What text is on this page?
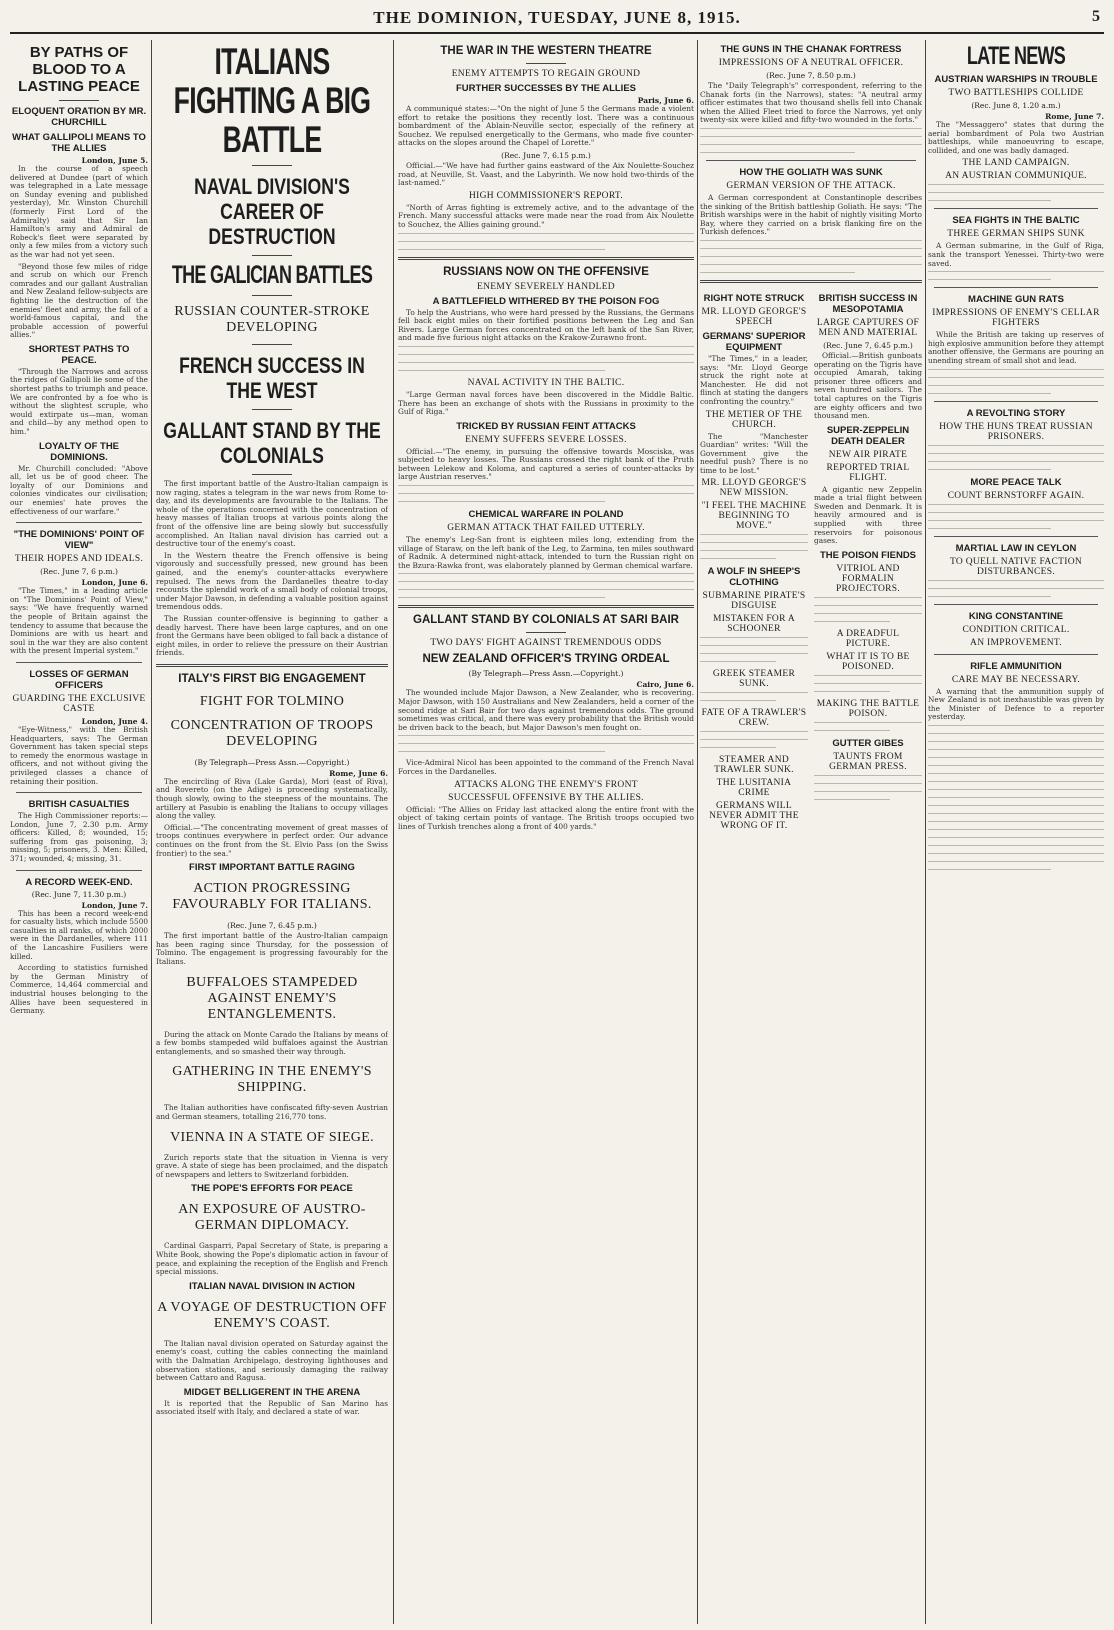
THE DOMINION, TUESDAY, JUNE 8, 1915.	5
BY PATHS OF BLOOD TO A LASTING PEACE
ELOQUENT ORATION BY MR. CHURCHILL
WHAT GALLIPOLI MEANS TO THE ALLIES
London, June 5.

In the course of a speech delivered at Dundee (part of which was telegraphed in a Late message on Sunday evening and published yesterday), Mr. Winston Churchill (formerly First Lord of the Admiralty) said that Sir Ian Hamilton's army and Admiral de Robeck's fleet were separated by only a few miles from a victory such as the war had not yet seen.

"Beyond those few miles of ridge and scrub on which our French comrades and our gallant Australian and New Zealand fellow-subjects are fighting lie the destruction of the enemies' fleet and army, the fall of a world-famous capital, and the probable accession of powerful allies."

SHORTEST PATHS TO PEACE.

"Through the Narrows and across the ridges of Gallipoli lie some of the shortest paths to triumph and peace. We are confronted by a foe who is without the slightest scruple, who would extirpate us—man, woman and child—by any method open to him."

LOYALTY OF THE DOMINIONS.

Mr. Churchill concluded: "Above all, let us be of good cheer. The loyalty of our Dominions and colonies vindicates our civilisation; our enemies' hate proves the effectiveness of our warfare."

"THE DOMINIONS' POINT OF VIEW"
THEIR HOPES AND IDEALS.
(Rec. June 7, 6 p.m.)
London, June 6.

"The Times," in a leading article on "The Dominions' Point of View," says: "We have frequently warned the people of Britain against the tendency to assume that because the Dominions are with us heart and soul in the war they are also content with the present Imperial system."

LOSSES OF GERMAN OFFICERS
GUARDING THE EXCLUSIVE CASTE
London, June 4.

"Eye-Witness," with the British Headquarters, says: The German Government has taken special steps to remedy the enormous wastage in officers, and not without giving the privileged classes a chance of retaining their position.

BRITISH CASUALTIES

The High Commissioner reports:—London, June 7, 2.30 p.m. Army officers: Killed, 8; wounded, 15; suffering from gas poisoning, 3; missing, 5; prisoners, 3. Men: Killed, 371; wounded, 4; missing, 31.

A RECORD WEEK-END.
(Rec. June 7, 11.30 p.m.)
London, June 7.

This has been a record week-end for casualty lists, which include 5500 casualties in all ranks, of which 2000 were in the Dardanelles, where 111 of the Lancashire Fusiliers were killed.

According to statistics furnished by the German Ministry of Commerce, 14,464 commercial and industrial houses belonging to the Allies have been sequestered in Germany.

ITALIANS FIGHTING A BIG BATTLE
NAVAL DIVISION'S CAREER OF DESTRUCTION
THE GALICIAN BATTLES
RUSSIAN COUNTER-STROKE DEVELOPING
FRENCH SUCCESS IN THE WEST
GALLANT STAND BY THE COLONIALS

The first important battle of the Austro-Italian campaign is now raging, states a telegram in the war news from Rome to-day, and its developments are favourable to the Italians. The whole of the operations concerned with the concentration of heavy masses of Italian troops at various points along the front of the offensive line are being slowly but successfully accomplished. An Italian naval division has carried out a destructive tour of the enemy's coast.

In the Western theatre the French offensive is being vigorously and successfully pressed, new ground has been gained, and the enemy's counter-attacks everywhere repulsed. The news from the Dardanelles theatre to-day recounts the splendid work of a small body of colonial troops, under Major Dawson, in defending a valuable position against tremendous odds.

The Russian counter-offensive is beginning to gather a deadly harvest. There have been large captures, and on one front the Germans have been obliged to fall back a distance of eight miles, in order to relieve the pressure on their Austrian friends.

ITALY'S FIRST BIG ENGAGEMENT
FIGHT FOR TOLMINO
CONCENTRATION OF TROOPS DEVELOPING
(By Telegraph—Press Assn.—Copyright.)
Rome, June 6.

The encircling of Riva (Lake Garda), Mori (east of Riva), and Rovereto (on the Adige) is proceeding systematically, though slowly, owing to the steepness of the mountains. The artillery at Pasubio is enabling the Italians to occupy villages along the valley.

Official.—"The concentrating movement of great masses of troops continues everywhere in perfect order. Our advance continues on the front from the St. Elvio Pass (on the Swiss frontier) to the sea."

FIRST IMPORTANT BATTLE RAGING
ACTION PROGRESSING FAVOURABLY FOR ITALIANS.
(Rec. June 7, 6.45 p.m.)

The first important battle of the Austro-Italian campaign has been raging since Thursday, for the possession of Tolmino. The engagement is progressing favourably for the Italians.

BUFFALOES STAMPEDED AGAINST ENEMY'S ENTANGLEMENTS.

During the attack on Monte Carado the Italians by means of a few bombs stampeded wild buffaloes against the Austrian entanglements, and so smashed their way through.

GATHERING IN THE ENEMY'S SHIPPING.

The Italian authorities have confiscated fifty-seven Austrian and German steamers, totalling 216,770 tons.

VIENNA IN A STATE OF SIEGE.

Zurich reports state that the situation in Vienna is very grave. A state of siege has been proclaimed, and the dispatch of newspapers and letters to Switzerland forbidden.

THE POPE'S EFFORTS FOR PEACE
AN EXPOSURE OF AUSTRO-GERMAN DIPLOMACY.

Cardinal Gasparri, Papal Secretary of State, is preparing a White Book, showing the Pope's diplomatic action in favour of peace, and explaining the reception of the English and French special missions.

ITALIAN NAVAL DIVISION IN ACTION
A VOYAGE OF DESTRUCTION OFF ENEMY'S COAST.

The Italian naval division operated on Saturday against the enemy's coast, cutting the cables connecting the mainland with the Dalmatian Archipelago, destroying lighthouses and observation stations, and seriously damaging the railway between Cattaro and Ragusa.

MIDGET BELLIGERENT IN THE ARENA

It is reported that the Republic of San Marino has associated itself with Italy, and declared a state of war.

THE WAR IN THE WESTERN THEATRE
ENEMY ATTEMPTS TO REGAIN GROUND
FURTHER SUCCESSES BY THE ALLIES
Paris, June 6.

A communiqué states:—"On the night of June 5 the Germans made a violent effort to retake the positions they recently lost. There was a continuous bombardment of the Ablain-Neuville sector, especially of the refinery at Souchez. We repulsed energetically to the Germans, who made five counter-attacks on the slopes around the Chapel of Lorette."

(Rec. June 7, 6.15 p.m.)

Official.—"We have had further gains eastward of the Aix Noulette-Souchez road, at Neuville, St. Vaast, and the Labyrinth. We now hold two-thirds of the last-named."

HIGH COMMISSIONER'S REPORT.

"North of Arras fighting is extremely active, and to the advantage of the French. Many successful attacks were made near the road from Aix Noulette to Souchez, the Allies gaining ground."

RUSSIANS NOW ON THE OFFENSIVE
ENEMY SEVERELY HANDLED
A BATTLEFIELD WITHERED BY THE POISON FOG

To help the Austrians, who were hard pressed by the Russians, the Germans fell back eight miles on their fortified positions between the Leg and San Rivers. Large German forces concentrated on the left bank of the San River, and made five furious night attacks on the Krakow-Zurawno front.

NAVAL ACTIVITY IN THE BALTIC.

"Large German naval forces have been discovered in the Middle Baltic. There has been an exchange of shots with the Russians in proximity to the Gulf of Riga."

TRICKED BY RUSSIAN FEINT ATTACKS
ENEMY SUFFERS SEVERE LOSSES.

Official.—"The enemy, in pursuing the offensive towards Mosciska, was subjected to heavy losses. The Russians crossed the right bank of the Pruth between Lelekow and Koloma, and captured a series of counter-attacks by large Austrian reserves."

CHEMICAL WARFARE IN POLAND
GERMAN ATTACK THAT FAILED UTTERLY.

The enemy's Leg-San front is eighteen miles long, extending from the village of Staraw, on the left bank of the Leg, to Zarmina, ten miles southward of Radnik. A determined night-attack, intended to turn the Russian right on the Bzura-Rawka front, was elaborately planned by German chemical warfare.

GALLANT STAND BY COLONIALS AT SARI BAIR
TWO DAYS' FIGHT AGAINST TREMENDOUS ODDS
NEW ZEALAND OFFICER'S TRYING ORDEAL
(By Telegraph—Press Assn.—Copyright.)
Cairo, June 6.

The wounded include Major Dawson, a New Zealander, who is recovering. Major Dawson, with 150 Australians and New Zealanders, held a corner of the second ridge at Sari Bair for two days against tremendous odds. The ground sometimes was critical, and there was every probability that the British would be driven back to the beach, but Major Dawson's men fought on.

Vice-Admiral Nicol has been appointed to the command of the French Naval Forces in the Dardanelles.

ATTACKS ALONG THE ENEMY'S FRONT
SUCCESSFUL OFFENSIVE BY THE ALLIES.

Official: "The Allies on Friday last attacked along the entire front with the object of taking certain points of vantage. The British troops occupied two lines of Turkish trenches along a front of 400 yards."

THE GUNS IN THE CHANAK FORTRESS
IMPRESSIONS OF A NEUTRAL OFFICER.
(Rec. June 7, 8.50 p.m.)

The "Daily Telegraph's" correspondent, referring to the Chanak forts (in the Narrows), states: "A neutral army officer estimates that two thousand shells fell into Chanak when the Allied Fleet tried to force the Narrows, yet only twenty-six were killed and fifty-two wounded in the forts."

HOW THE GOLIATH WAS SUNK
GERMAN VERSION OF THE ATTACK.

A German correspondent at Constantinople describes the sinking of the British battleship Goliath. He says: "The British warships were in the habit of nightly visiting Morto Bay, where they carried on a brisk flanking fire on the Turkish defences."

RIGHT NOTE STRUCK
MR. LLOYD GEORGE'S SPEECH
GERMANS' SUPERIOR EQUIPMENT

"The Times," in a leader, says: "Mr. Lloyd George struck the right note at Manchester. He did not flinch at stating the dangers confronting the country."

THE METIER OF THE CHURCH.

The "Manchester Guardian" writes: "Will the Government give the needful push? There is no time to be lost."

MR. LLOYD GEORGE'S NEW MISSION.
"I FEEL THE MACHINE BEGINNING TO MOVE."
A WOLF IN SHEEP'S CLOTHING
SUBMARINE PIRATE'S DISGUISE
MISTAKEN FOR A SCHOONER
GREEK STEAMER SUNK.
FATE OF A TRAWLER'S CREW.
STEAMER AND TRAWLER SUNK.
THE LUSITANIA CRIME
GERMANS WILL NEVER ADMIT THE WRONG OF IT.
BRITISH SUCCESS IN MESOPOTAMIA
LARGE CAPTURES OF MEN AND MATERIAL
(Rec. June 7, 6.45 p.m.)

Official.—British gunboats operating on the Tigris have occupied Amarah, taking prisoner three officers and seven hundred sailors. The total captures on the Tigris are eighty officers and two thousand men.

SUPER-ZEPPELIN DEATH DEALER
NEW AIR PIRATE
REPORTED TRIAL FLIGHT.

A gigantic new Zeppelin made a trial flight between Sweden and Denmark. It is heavily armoured and is supplied with three reservoirs for poisonous gases.

THE POISON FIENDS
VITRIOL AND FORMALIN PROJECTORS.
A DREADFUL PICTURE.
WHAT IT IS TO BE POISONED.
MAKING THE BATTLE POISON.
GUTTER GIBES
TAUNTS FROM GERMAN PRESS.
LATE NEWS
AUSTRIAN WARSHIPS IN TROUBLE
TWO BATTLESHIPS COLLIDE
(Rec. June 8, 1.20 a.m.)
Rome, June 7.

The "Messaggero" states that during the aerial bombardment of Pola two Austrian battleships, while manoeuvring to escape, collided, and one was badly damaged.

THE LAND CAMPAIGN.
AN AUSTRIAN COMMUNIQUE.
SEA FIGHTS IN THE BALTIC
THREE GERMAN SHIPS SUNK

A German submarine, in the Gulf of Riga, sank the transport Yenessei. Thirty-two were saved.

MACHINE GUN RATS
IMPRESSIONS OF ENEMY'S CELLAR FIGHTERS

While the British are taking up reserves of high explosive ammunition before they attempt another offensive, the Germans are pouring an unending stream of small shot and lead.

A REVOLTING STORY
HOW THE HUNS TREAT RUSSIAN PRISONERS.
MORE PEACE TALK
COUNT BERNSTORFF AGAIN.
MARTIAL LAW IN CEYLON
TO QUELL NATIVE FACTION DISTURBANCES.
KING CONSTANTINE
CONDITION CRITICAL.
AN IMPROVEMENT.
RIFLE AMMUNITION
CARE MAY BE NECESSARY.

A warning that the ammunition supply of New Zealand is not inexhaustible was given by the Minister of Defence to a reporter yesterday.
